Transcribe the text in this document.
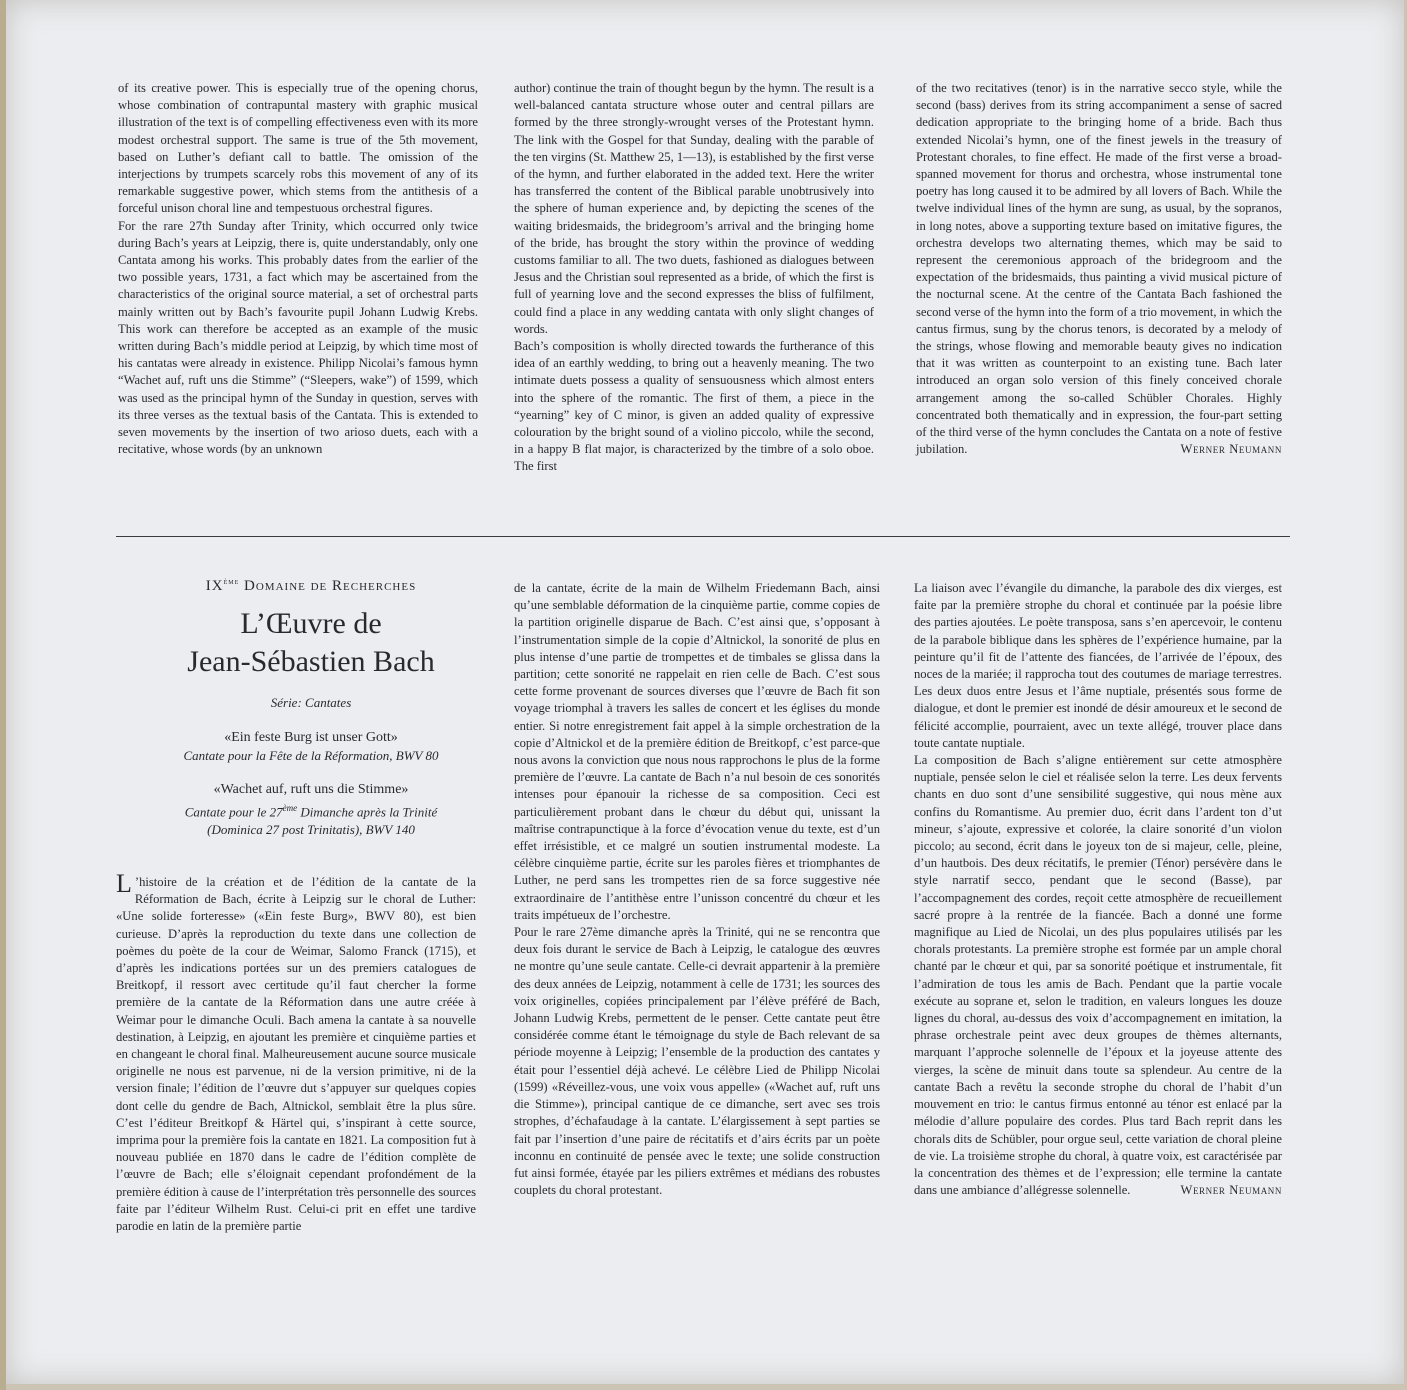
of its creative power. This is especially true of the opening chorus, whose combination of contrapuntal mastery with graphic musical illustration of the text is of compelling effectiveness even with its more modest orchestral support. The same is true of the 5th movement, based on Luther’s defiant call to battle. The omission of the interjections by trumpets scarcely robs this movement of any of its remarkable suggestive power, which stems from the antithesis of a forceful unison choral line and tempestuous orchestral figures.

For the rare 27th Sunday after Trinity, which occurred only twice during Bach’s years at Leipzig, there is, quite understandably, only one Cantata among his works. This probably dates from the earlier of the two possible years, 1731, a fact which may be ascertained from the characteristics of the original source material, a set of orchestral parts mainly written out by Bach’s favourite pupil Johann Ludwig Krebs. This work can therefore be accepted as an example of the music written during Bach’s middle period at Leipzig, by which time most of his cantatas were already in existence. Philipp Nicolai’s famous hymn “Wachet auf, ruft uns die Stimme” (“Sleepers, wake”) of 1599, which was used as the principal hymn of the Sunday in question, serves with its three verses as the textual basis of the Cantata. This is extended to seven movements by the insertion of two arioso duets, each with a recitative, whose words (by an unknown

author) continue the train of thought begun by the hymn. The result is a well-balanced cantata structure whose outer and central pillars are formed by the three strongly-wrought verses of the Protestant hymn. The link with the Gospel for that Sunday, dealing with the parable of the ten virgins (St. Matthew 25, 1—13), is established by the first verse of the hymn, and further elaborated in the added text. Here the writer has transferred the content of the Biblical parable unobtrusively into the sphere of human experience and, by depicting the scenes of the waiting bridesmaids, the bridegroom’s arrival and the bringing home of the bride, has brought the story within the province of wedding customs familiar to all. The two duets, fashioned as dialogues between Jesus and the Christian soul represented as a bride, of which the first is full of yearning love and the second expresses the bliss of fulfilment, could find a place in any wedding cantata with only slight changes of words.

Bach’s composition is wholly directed towards the furtherance of this idea of an earthly wedding, to bring out a heavenly meaning. The two intimate duets possess a quality of sensuousness which almost enters into the sphere of the romantic. The first of them, a piece in the “yearning” key of C minor, is given an added quality of expressive colouration by the bright sound of a violino piccolo, while the second, in a happy B flat major, is characterized by the timbre of a solo oboe. The first

of the two recitatives (tenor) is in the narrative secco style, while the second (bass) derives from its string accompaniment a sense of sacred dedication appropriate to the bringing home of a bride. Bach thus extended Nicolai’s hymn, one of the finest jewels in the treasury of Protestant chorales, to fine effect. He made of the first verse a broad-spanned movement for thorus and orchestra, whose instrumental tone poetry has long caused it to be admired by all lovers of Bach. While the twelve individual lines of the hymn are sung, as usual, by the sopranos, in long notes, above a supporting texture based on imitative figures, the orchestra develops two alternating themes, which may be said to represent the ceremonious approach of the bridegroom and the expectation of the bridesmaids, thus painting a vivid musical picture of the nocturnal scene. At the centre of the Cantata Bach fashioned the second verse of the hymn into the form of a trio movement, in which the cantus firmus, sung by the chorus tenors, is decorated by a melody of the strings, whose flowing and memorable beauty gives no indication that it was written as counterpoint to an existing tune. Bach later introduced an organ solo version of this finely conceived chorale arrangement among the so-called Schübler Chorales. Highly concentrated both thematically and in expression, the four-part setting of the third verse of the hymn concludes the Cantata on a note of festive jubilation.	Werner Neumann

IXème Domaine de Recherches

L’Œuvre de
Jean-Sébastien Bach

Série: Cantates

«Ein feste Burg ist unser Gott»

Cantate pour la Fête de la Réformation, BWV 80

«Wachet auf, ruft uns die Stimme»

Cantate pour le 27ème Dimanche après la Trinité
(Dominica 27 post Trinitatis), BWV 140

L ’histoire de la création et de l’édition de la cantate de la Réformation de Bach, écrite à Leipzig sur le choral de Luther: «Une solide forteresse» («Ein feste Burg», BWV 80), est bien curieuse. D’après la reproduction du texte dans une collection de poèmes du poète de la cour de Weimar, Salomo Franck (1715), et d’après les indications portées sur un des premiers catalogues de Breitkopf, il ressort avec certitude qu’il faut chercher la forme première de la cantate de la Réformation dans une autre créée à Weimar pour le dimanche Oculi. Bach amena la cantate à sa nouvelle destination, à Leipzig, en ajoutant les première et cinquième parties et en changeant le choral final. Malheureusement aucune source musicale originelle ne nous est parvenue, ni de la version primitive, ni de la version finale; l’édition de l’œuvre dut s’appuyer sur quelques copies dont celle du gendre de Bach, Altnickol, semblait être la plus sûre. C’est l’éditeur Breitkopf & Härtel qui, s’inspirant à cette source, imprima pour la première fois la cantate en 1821. La composition fut à nouveau publiée en 1870 dans le cadre de l’édition complète de l’œuvre de Bach; elle s’éloignait cependant profondément de la première édition à cause de l’interprétation très personnelle des sources faite par l’éditeur Wilhelm Rust. Celui-ci prit en effet une tardive parodie en latin de la première partie

de la cantate, écrite de la main de Wilhelm Friedemann Bach, ainsi qu’une semblable déformation de la cinquième partie, comme copies de la partition originelle disparue de Bach. C’est ainsi que, s’opposant à l’instrumentation simple de la copie d’Altnickol, la sonorité de plus en plus intense d’une partie de trompettes et de timbales se glissa dans la partition; cette sonorité ne rappelait en rien celle de Bach. C’est sous cette forme provenant de sources diverses que l’œuvre de Bach fit son voyage triomphal à travers les salles de concert et les églises du monde entier. Si notre enregistrement fait appel à la simple orchestration de la copie d’Altnickol et de la première édition de Breitkopf, c’est parce-que nous avons la conviction que nous nous rapprochons le plus de la forme première de l’œuvre. La cantate de Bach n’a nul besoin de ces sonorités intenses pour épanouir la richesse de sa composition. Ceci est particulièrement probant dans le chœur du début qui, unissant la maîtrise contrapunctique à la force d’évocation venue du texte, est d’un effet irrésistible, et ce malgré un soutien instrumental modeste. La célèbre cinquième partie, écrite sur les paroles fières et triomphantes de Luther, ne perd sans les trompettes rien de sa force suggestive née extraordinaire de l’antithèse entre l’unisson concentré du chœur et les traits impétueux de l’orchestre.

Pour le rare 27ème dimanche après la Trinité, qui ne se rencontra que deux fois durant le service de Bach à Leipzig, le catalogue des œuvres ne montre qu’une seule cantate. Celle-ci devrait appartenir à la première des deux années de Leipzig, notamment à celle de 1731; les sources des voix originelles, copiées principalement par l’élève préféré de Bach, Johann Ludwig Krebs, permettent de le penser. Cette cantate peut être considérée comme étant le témoignage du style de Bach relevant de sa période moyenne à Leipzig; l’ensemble de la production des cantates y était pour l’essentiel déjà achevé. Le célèbre Lied de Philipp Nicolai (1599) «Réveillez-vous, une voix vous appelle» («Wachet auf, ruft uns die Stimme»), principal cantique de ce dimanche, sert avec ses trois strophes, d’échafaudage à la cantate. L’élargissement à sept parties se fait par l’insertion d’une paire de récitatifs et d’airs écrits par un poète inconnu en continuité de pensée avec le texte; une solide construction fut ainsi formée, étayée par les piliers extrêmes et médians des robustes couplets du choral protestant.

La liaison avec l’évangile du dimanche, la parabole des dix vierges, est faite par la première strophe du choral et continuée par la poésie libre des parties ajoutées. Le poète transposa, sans s’en apercevoir, le contenu de la parabole biblique dans les sphères de l’expérience humaine, par la peinture qu’il fit de l’attente des fiancées, de l’arrivée de l’époux, des noces de la mariée; il rapprocha tout des coutumes de mariage terrestres. Les deux duos entre Jesus et l’âme nuptiale, présentés sous forme de dialogue, et dont le premier est inondé de désir amoureux et le second de félicité accomplie, pourraient, avec un texte allégé, trouver place dans toute cantate nuptiale.

La composition de Bach s’aligne entièrement sur cette atmosphère nuptiale, pensée selon le ciel et réalisée selon la terre. Les deux fervents chants en duo sont d’une sensibilité suggestive, qui nous mène aux confins du Romantisme. Au premier duo, écrit dans l’ardent ton d’ut mineur, s’ajoute, expressive et colorée, la claire sonorité d’un violon piccolo; au second, écrit dans le joyeux ton de si majeur, celle, pleine, d’un hautbois. Des deux récitatifs, le premier (Ténor) persévère dans le style narratif secco, pendant que le second (Basse), par l’accompagnement des cordes, reçoit cette atmosphère de recueillement sacré propre à la rentrée de la fiancée. Bach a donné une forme magnifique au Lied de Nicolai, un des plus populaires utilisés par les chorals protestants. La première strophe est formée par un ample choral chanté par le chœur et qui, par sa sonorité poétique et instrumentale, fit l’admiration de tous les amis de Bach. Pendant que la partie vocale exécute au soprane et, selon le tradition, en valeurs longues les douze lignes du choral, au-dessus des voix d’accompagnement en imitation, la phrase orchestrale peint avec deux groupes de thèmes alternants, marquant l’approche solennelle de l’époux et la joyeuse attente des vierges, la scène de minuit dans toute sa splendeur. Au centre de la cantate Bach a revêtu la seconde strophe du choral de l’habit d’un mouvement en trio: le cantus firmus entonné au ténor est enlacé par la mélodie d’allure populaire des cordes. Plus tard Bach reprit dans les chorals dits de Schübler, pour orgue seul, cette variation de choral pleine de vie. La troisième strophe du choral, à quatre voix, est caractérisée par la concentration des thèmes et de l’expression; elle termine la cantate dans une ambiance d’allégresse solennelle.	Werner Neumann
